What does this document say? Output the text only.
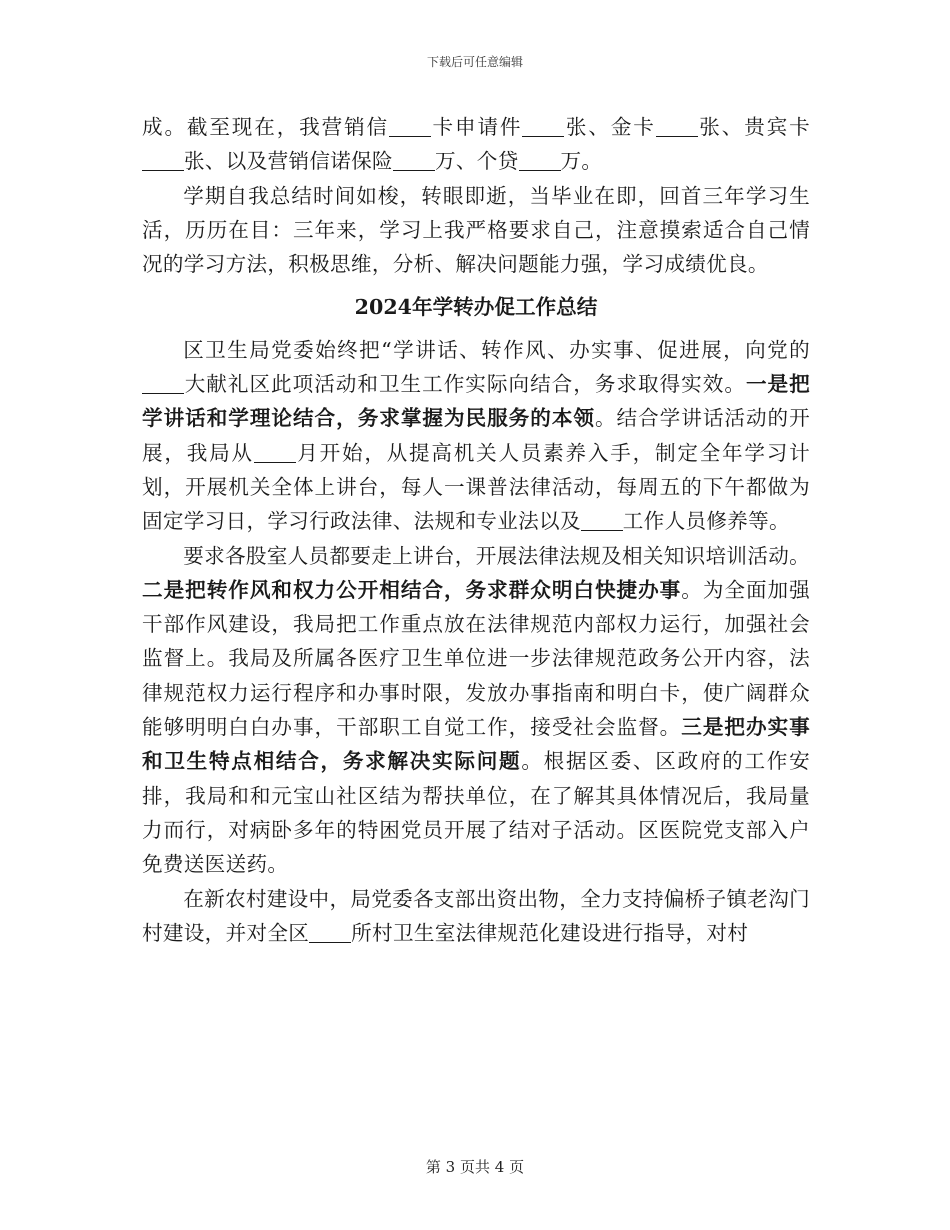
下载后可任意编辑

成。截至现在，我营销信 卡申请件 张、金卡 张、贵宾卡张、以及营销信诺保险 万、个贷 万。

学期自我总结时间如梭，转眼即逝，当毕业在即，回首三年学习生活，历历在目：三年来，学习上我严格要求自己，注意摸索适合自己情况的学习方法，积极思维，分析、解决问题能力强，学习成绩优良。

2024年学转办促工作总结

区卫生局党委始终把“学讲话、转作风、办实事、促进展，向党的大献礼区此项活动和卫生工作实际向结合，务求取得实效。一是把学讲话和学理论结合，务求掌握为民服务的本领。结合学讲话活动的开展，我局从 月开始，从提高机关人员素养入手，制定全年学习计划，开展机关全体上讲台，每人一课普法律活动，每周五的下午都做为固定学习日，学习行政法律、法规和专业法以及 工作人员修养等。

要求各股室人员都要走上讲台，开展法律法规及相关知识培训活动。二是把转作风和权力公开相结合，务求群众明白快捷办事。为全面加强干部作风建设，我局把工作重点放在法律规范内部权力运行，加强社会监督上。我局及所属各医疗卫生单位进一步法律规范政务公开内容，法律规范权力运行程序和办事时限，发放办事指南和明白卡，使广阔群众能够明明白白办事，干部职工自觉工作，接受社会监督。三是把办实事和卫生特点相结合，务求解决实际问题。根据区委、区政府的工作安排，我局和和元宝山社区结为帮扶单位，在了解其具体情况后，我局量力而行，对病卧多年的特困党员开展了结对子活动。区医院党支部入户免费送医送药。

在新农村建设中，局党委各支部出资出物，全力支持偏桥子镇老沟门村建设，并对全区 所村卫生室法律规范化建设进行指导，对村

第 3 页共 4 页
